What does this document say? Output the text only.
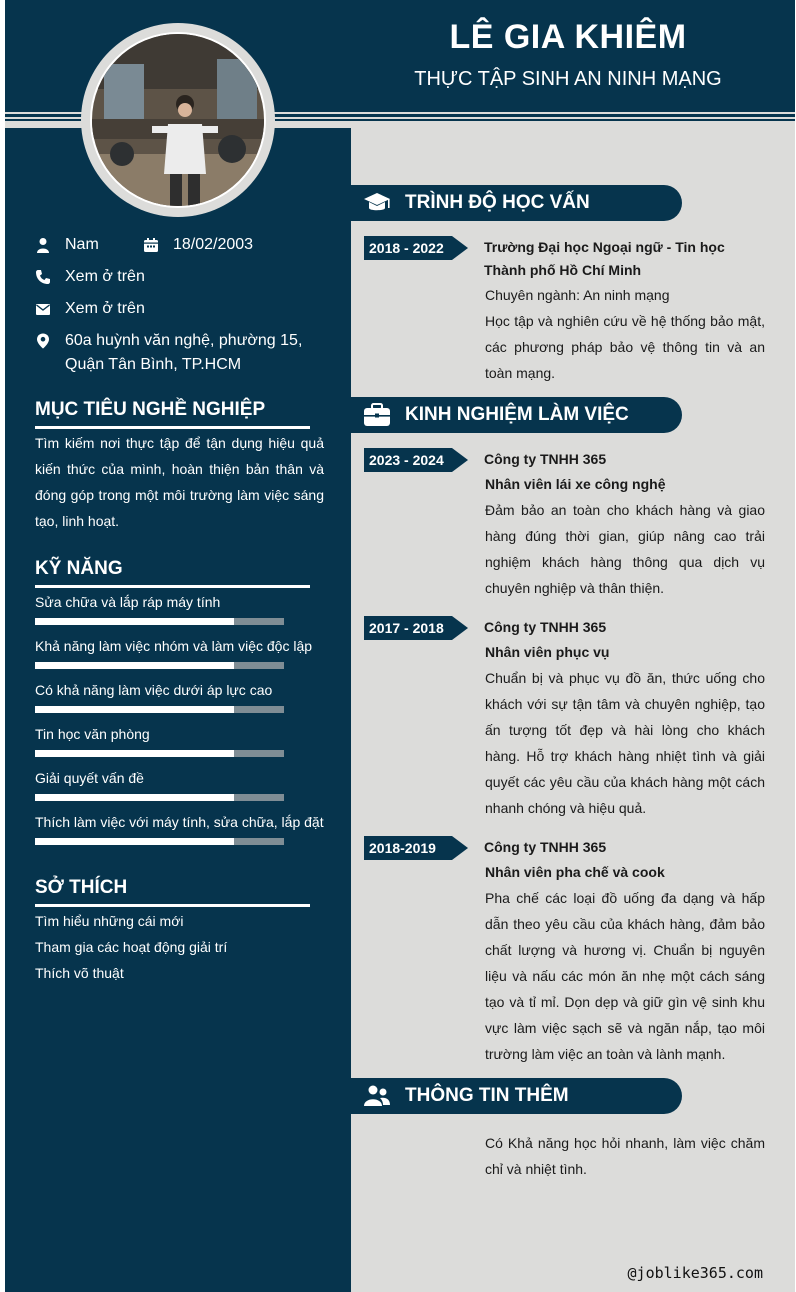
LÊ GIA KHIÊM
THỰC TẬP SINH AN NINH MẠNG
Nam	18/02/2003
Xem ở trên
Xem ở trên
60a huỳnh văn nghệ, phường 15,
Quận Tân Bình, TP.HCM
MỤC TIÊU NGHỀ NGHIỆP
Tìm kiếm nơi thực tập để tận dụng hiệu quả kiến thức của mình, hoàn thiện bản thân và đóng góp trong một môi trường làm việc sáng tạo, linh hoạt.
KỸ NĂNG
Sửa chữa và lắp ráp máy tính
Khả năng làm việc nhóm và làm việc độc lập
Có khả năng làm việc dưới áp lực cao
Tin học văn phòng
Giải quyết vấn đề
Thích làm việc với máy tính, sửa chữa, lắp đặt
SỞ THÍCH
Tìm hiểu những cái mới
Tham gia các hoạt động giải trí
Thích võ thuật
TRÌNH ĐỘ HỌC VẤN
2018 - 2022	Trường Đại học Ngoại ngữ - Tin học Thành phố Hồ Chí Minh
Chuyên ngành: An ninh mạng
Học tập và nghiên cứu về hệ thống bảo mật, các phương pháp bảo vệ thông tin và an toàn mạng.
KINH NGHIỆM LÀM VIỆC
2023 - 2024	Công ty TNHH 365
Nhân viên lái xe công nghệ
Đảm bảo an toàn cho khách hàng và giao hàng đúng thời gian, giúp nâng cao trải nghiệm khách hàng thông qua dịch vụ chuyên nghiệp và thân thiện.
2017 - 2018	Công ty TNHH 365
Nhân viên phục vụ
Chuẩn bị và phục vụ đồ ăn, thức uống cho khách với sự tận tâm và chuyên nghiệp, tạo ấn tượng tốt đẹp và hài lòng cho khách hàng. Hỗ trợ khách hàng nhiệt tình và giải quyết các yêu cầu của khách hàng một cách nhanh chóng và hiệu quả.
2018-2019	Công ty TNHH 365
Nhân viên pha chế và cook
Pha chế các loại đồ uống đa dạng và hấp dẫn theo yêu cầu của khách hàng, đảm bảo chất lượng và hương vị. Chuẩn bị nguyên liệu và nấu các món ăn nhẹ một cách sáng tạo và tỉ mỉ. Dọn dẹp và giữ gìn vệ sinh khu vực làm việc sạch sẽ và ngăn nắp, tạo môi trường làm việc an toàn và lành mạnh.
THÔNG TIN THÊM
Có Khả năng học hỏi nhanh, làm việc chăm chỉ và nhiệt tình.
@joblike365.com
